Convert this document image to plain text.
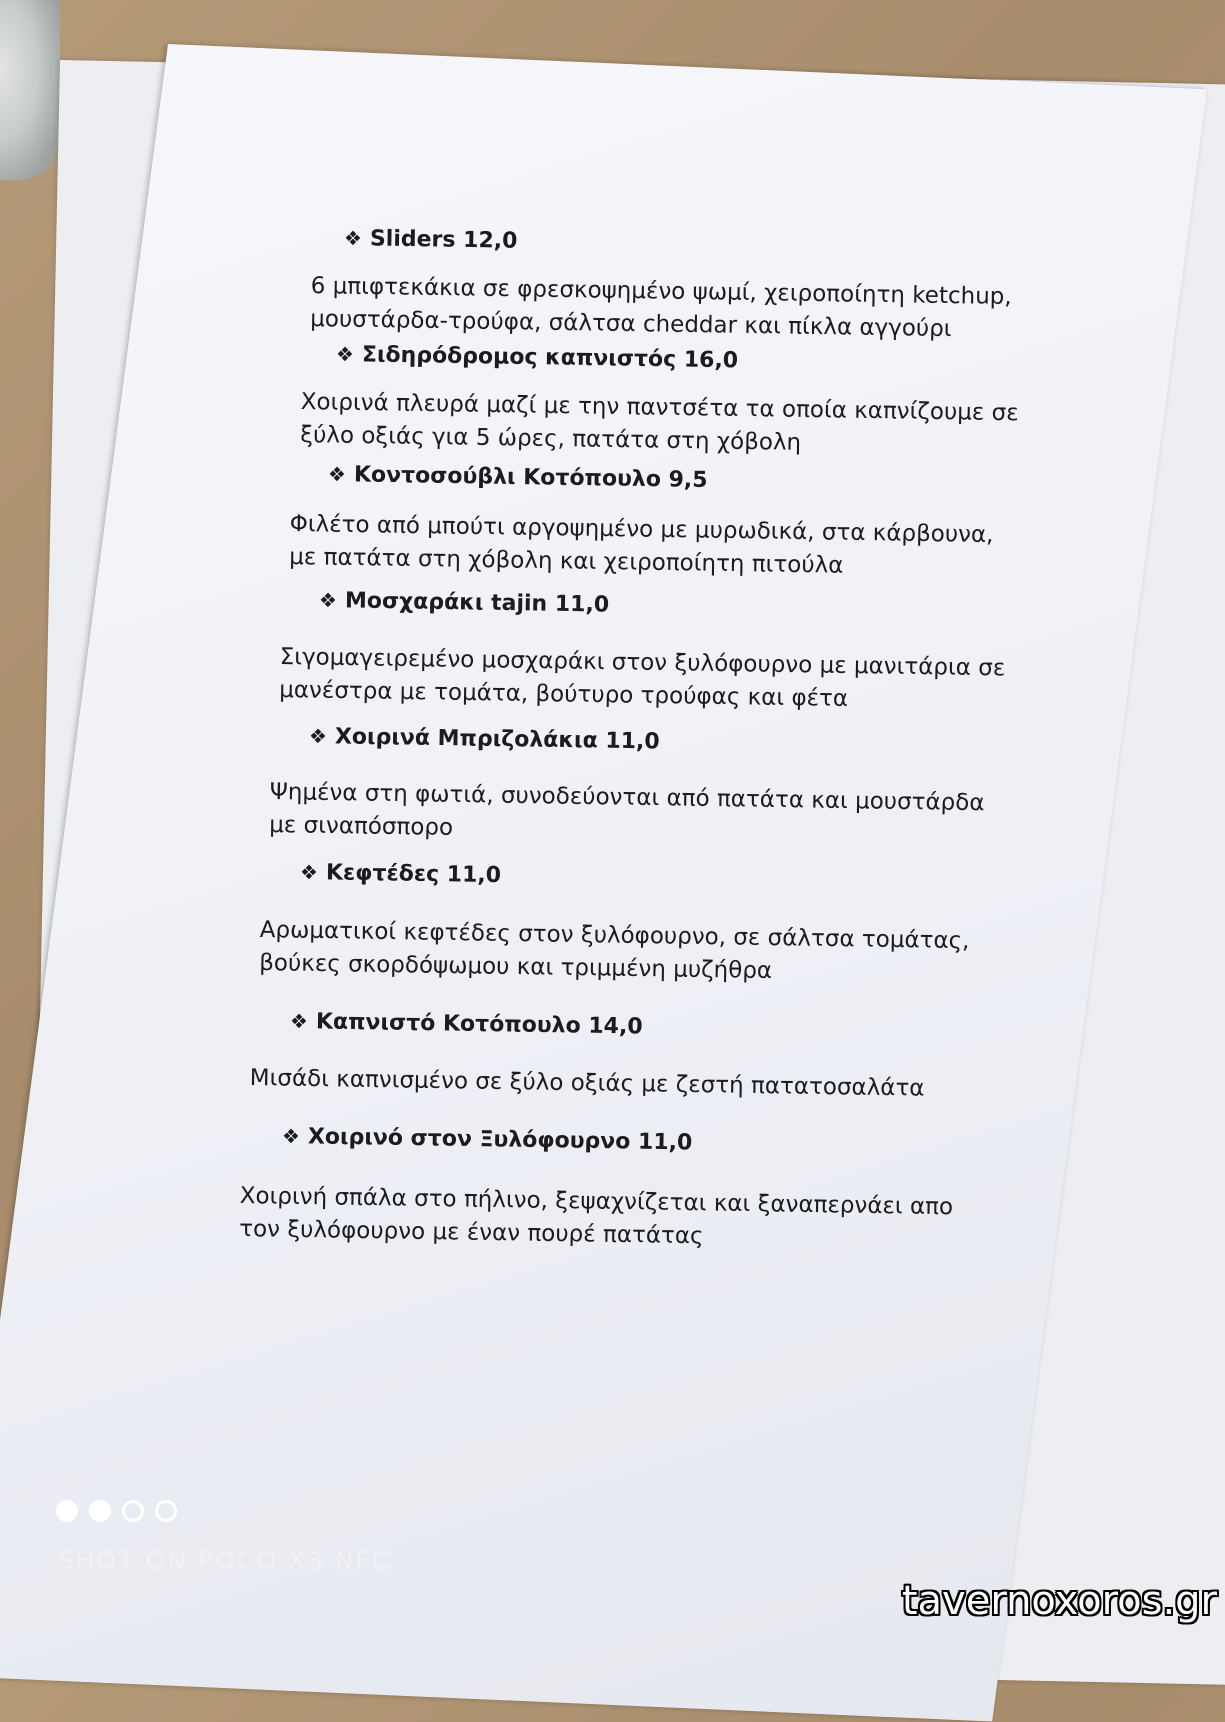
❖ Sliders 12,0
6 μπιφτεκάκια σε φρεσκοψημένο ψωμί, χειροποίητη ketchup,
μουστάρδα-τρούφα, σάλτσα cheddar και πίκλα αγγούρι
❖ Σιδηρόδρομος καπνιστός 16,0
Χοιρινά πλευρά μαζί με την παντσέτα τα οποία καπνίζουμε σε
ξύλο οξιάς για 5 ώρες, πατάτα στη χόβολη
❖ Κοντοσούβλι Κοτόπουλο 9,5
Φιλέτο από μπούτι αργοψημένο με μυρωδικά, στα κάρβουνα,
με πατάτα στη χόβολη και χειροποίητη πιτούλα
❖ Μοσχαράκι tajin 11,0
Σιγομαγειρεμένο μοσχαράκι στον ξυλόφουρνο με μανιτάρια σε
μανέστρα με τομάτα, βούτυρο τρούφας και φέτα
❖ Χοιρινά Μπριζολάκια 11,0
Ψημένα στη φωτιά, συνοδεύονται από πατάτα και μουστάρδα
με σιναπόσπορο
❖ Κεφτέδες 11,0
Αρωματικοί κεφτέδες στον ξυλόφουρνο, σε σάλτσα τομάτας,
βούκες σκορδόψωμου και τριμμένη μυζήθρα
❖ Καπνιστό Κοτόπουλο 14,0
Μισάδι καπνισμένο σε ξύλο οξιάς με ζεστή πατατοσαλάτα
❖ Χοιρινό στον Ξυλόφουρνο 11,0
Χοιρινή σπάλα στο πήλινο, ξεψαχνίζεται και ξαναπερνάει απο
τον ξυλόφουρνο με έναν πουρέ πατάτας
SHOT ON POCO X3 NFC
tavernoxoros.gr
